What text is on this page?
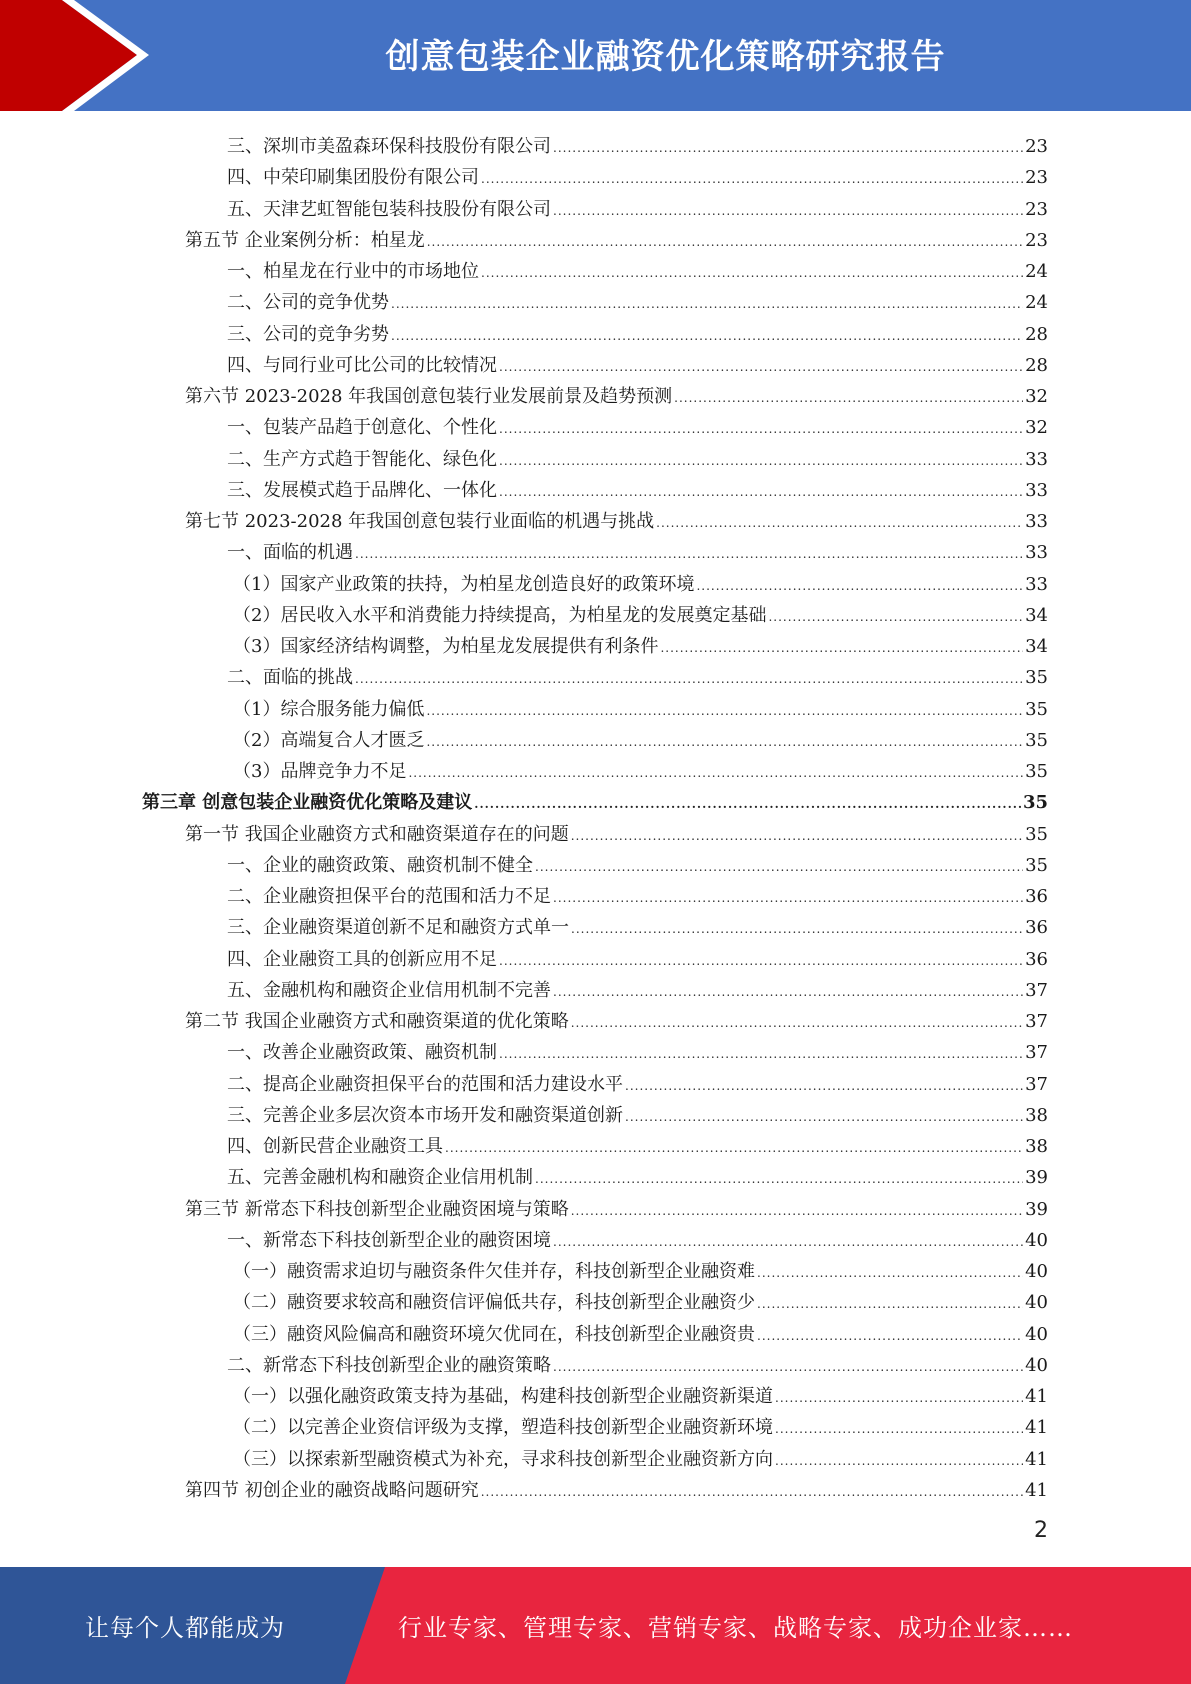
创意包装企业融资优化策略研究报告
三、深圳市美盈森环保科技股份有限公司 .....	23
四、中荣印刷集团股份有限公司 .....	23
五、天津艺虹智能包装科技股份有限公司 .....	23
第五节 企业案例分析：柏星龙 .....	23
一、柏星龙在行业中的市场地位 .....	24
二、公司的竞争优势 .....	24
三、公司的竞争劣势 .....	28
四、与同行业可比公司的比较情况 .....	28
第六节 2023-2028 年我国创意包装行业发展前景及趋势预测 .....	32
一、包装产品趋于创意化、个性化 .....	32
二、生产方式趋于智能化、绿色化 .....	33
三、发展模式趋于品牌化、一体化 .....	33
第七节 2023-2028 年我国创意包装行业面临的机遇与挑战 .....	33
一、面临的机遇 .....	33
（1）国家产业政策的扶持，为柏星龙创造良好的政策环境 .....	33
（2）居民收入水平和消费能力持续提高，为柏星龙的发展奠定基础 .....	34
（3）国家经济结构调整，为柏星龙发展提供有利条件 .....	34
二、面临的挑战 .....	35
（1）综合服务能力偏低 .....	35
（2）高端复合人才匮乏 .....	35
（3）品牌竞争力不足 .....	35
第三章 创意包装企业融资优化策略及建议 .....	35
第一节 我国企业融资方式和融资渠道存在的问题 .....	35
一、企业的融资政策、融资机制不健全 .....	35
二、企业融资担保平台的范围和活力不足 .....	36
三、企业融资渠道创新不足和融资方式单一 .....	36
四、企业融资工具的创新应用不足 .....	36
五、金融机构和融资企业信用机制不完善 .....	37
第二节 我国企业融资方式和融资渠道的优化策略 .....	37
一、改善企业融资政策、融资机制 .....	37
二、提高企业融资担保平台的范围和活力建设水平 .....	37
三、完善企业多层次资本市场开发和融资渠道创新 .....	38
四、创新民营企业融资工具 .....	38
五、完善金融机构和融资企业信用机制 .....	39
第三节 新常态下科技创新型企业融资困境与策略 .....	39
一、新常态下科技创新型企业的融资困境 .....	40
（一）融资需求迫切与融资条件欠佳并存，科技创新型企业融资难 .....	40
（二）融资要求较高和融资信评偏低共存，科技创新型企业融资少 .....	40
（三）融资风险偏高和融资环境欠优同在，科技创新型企业融资贵 .....	40
二、新常态下科技创新型企业的融资策略 .....	40
（一）以强化融资政策支持为基础，构建科技创新型企业融资新渠道 .....	41
（二）以完善企业资信评级为支撑，塑造科技创新型企业融资新环境 .....	41
（三）以探索新型融资模式为补充，寻求科技创新型企业融资新方向 .....	41
第四节 初创企业的融资战略问题研究 .....	41
2
让每个人都能成为	行业专家、管理专家、营销专家、战略专家、成功企业家……
